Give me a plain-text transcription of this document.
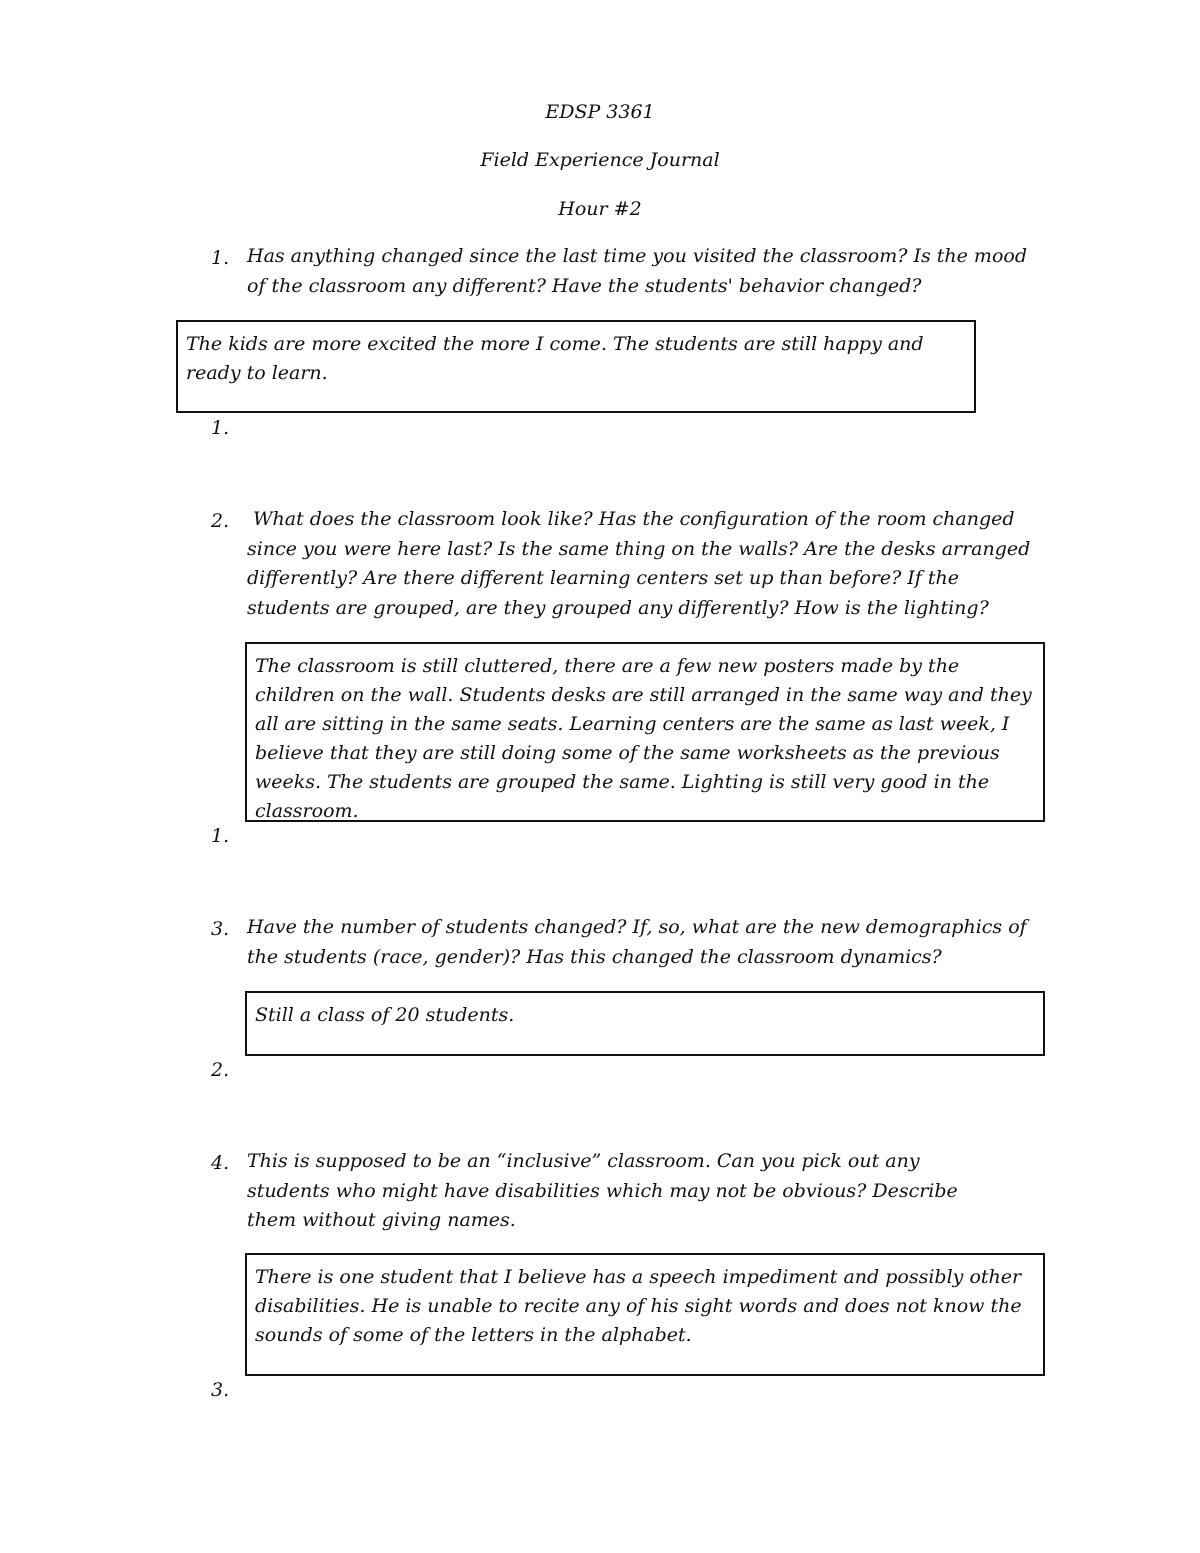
EDSP 3361
Field Experience Journal
Hour #2
1. Has anything changed since the last time you visited the classroom? Is the mood of the classroom any different? Have the students' behavior changed?

The kids are more excited the more I come. The students are still happy and ready to learn.

1.
2.	What does the classroom look like? Has the configuration of the room changed since you were here last? Is the same thing on the walls? Are the desks arranged differently? Are there different learning centers set up than before? If the students are grouped, are they grouped any differently? How is the lighting?

The classroom is still cluttered, there are a few new posters made by the children on the wall. Students desks are still arranged in the same way and they all are sitting in the same seats. Learning centers are the same as last week, I believe that they are still doing some of the same worksheets as the previous weeks. The students are grouped the same. Lighting is still very good in the classroom.

1.
3. Have the number of students changed? If, so, what are the new demographics of the students (race, gender)? Has this changed the classroom dynamics?

Still a class of 20 students.

2.
4. This is supposed to be an “inclusive” classroom. Can you pick out any students who might have disabilities which may not be obvious? Describe them without giving names.

There is one student that I believe has a speech impediment and possibly other disabilities. He is unable to recite any of his sight words and does not know the sounds of some of the letters in the alphabet.

3.
